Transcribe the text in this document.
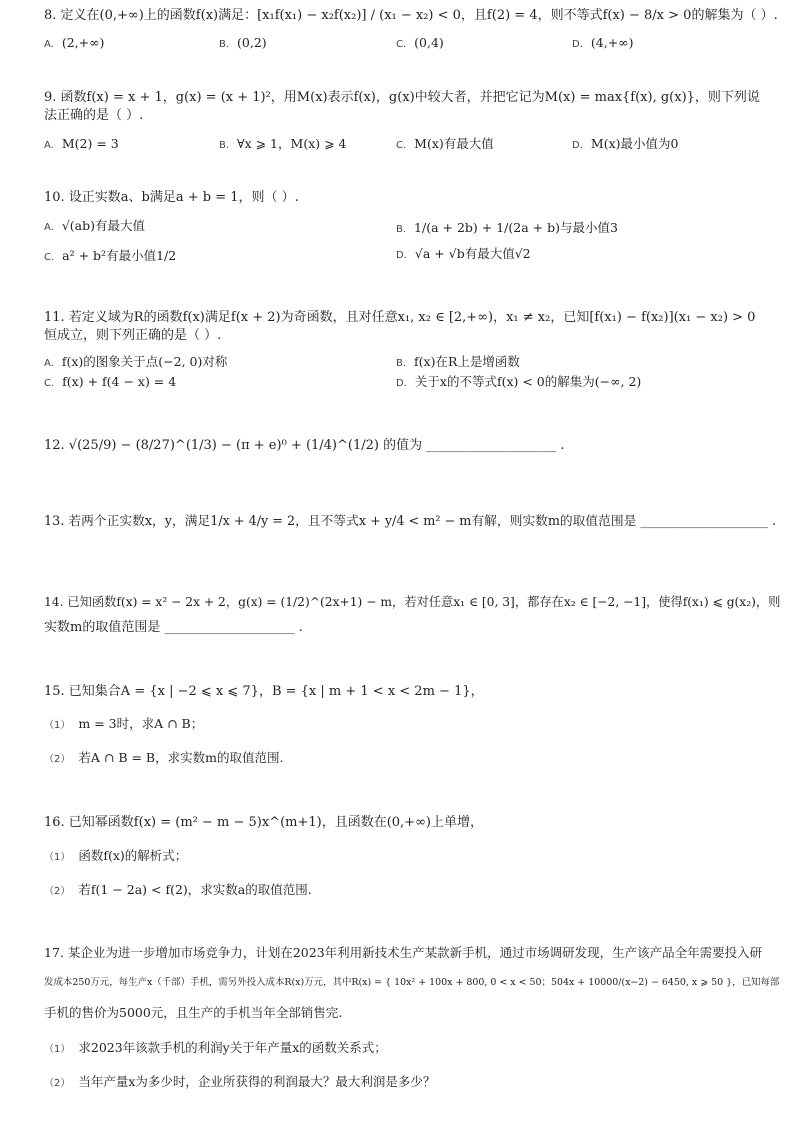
8. 定义在(0,+∞)上的函数f(x)满足：[x₁f(x₁) − x₂f(x₂)] / (x₁ − x₂) < 0，且f(2) = 4，则不等式f(x) − 8/x > 0的解集为（ ）.
A. (2,+∞)	B. (0,2)	C. (0,4)	D. (4,+∞)
9. 函数f(x) = x + 1，g(x) = (x + 1)²，用M(x)表示f(x)，g(x)中较大者，并把它记为M(x) = max{f(x), g(x)}，则下列说
法正确的是（ ）.
A. M(2) = 3	B. ∀x ⩾ 1，M(x) ⩾ 4	C. M(x)有最大值	D. M(x)最小值为0
10. 设正实数a、b满足a + b = 1，则（ ）.
A. √(ab)有最大值	B. 1/(a + 2b) + 1/(2a + b)与最小值3
C. a² + b²有最小值1/2	D. √a + √b有最大值√2
11. 若定义域为R的函数f(x)满足f(x + 2)为奇函数，且对任意x₁, x₂ ∈ [2,+∞)，x₁ ≠ x₂，已知[f(x₁) − f(x₂)](x₁ − x₂) > 0
恒成立，则下列正确的是（ ）.
A. f(x)的图象关于点(−2, 0)对称	B. f(x)在R上是增函数
C. f(x) + f(4 − x) = 4	D. 关于x的不等式f(x) < 0的解集为(−∞, 2)
12. √(25/9) − (8/27)^(1/3) − (π + e)⁰ + (1/4)^(1/2) 的值为 ____________________ .
13. 若两个正实数x，y，满足1/x + 4/y = 2，且不等式x + y/4 < m² − m有解，则实数m的取值范围是 ____________________ .
14. 已知函数f(x) = x² − 2x + 2，g(x) = (1/2)^(2x+1) − m，若对任意x₁ ∈ [0, 3]，都存在x₂ ∈ [−2, −1]，使得f(x₁) ⩽ g(x₂)，则
实数m的取值范围是 ____________________ .
15. 已知集合A = {x | −2 ⩽ x ⩽ 7}，B = {x | m + 1 < x < 2m − 1}，
（1） m = 3时，求A ∩ B；
（2） 若A ∩ B = B，求实数m的取值范围.
16. 已知幂函数f(x) = (m² − m − 5)x^(m+1)，且函数在(0,+∞)上单增，
（1） 函数f(x)的解析式；
（2） 若f(1 − 2a) < f(2)，求实数a的取值范围.
17. 某企业为进一步增加市场竞争力，计划在2023年利用新技术生产某款新手机，通过市场调研发现，生产该产品全年需要投入研
发成本250万元，每生产x（千部）手机，需另外投入成本R(x)万元，其中R(x) = { 10x² + 100x + 800, 0 < x < 50；504x + 10000/(x−2) − 6450, x ⩾ 50 }，已知每部
手机的售价为5000元，且生产的手机当年全部销售完.
（1） 求2023年该款手机的利润y关于年产量x的函数关系式；
（2） 当年产量x为多少时，企业所获得的利润最大？最大利润是多少？
